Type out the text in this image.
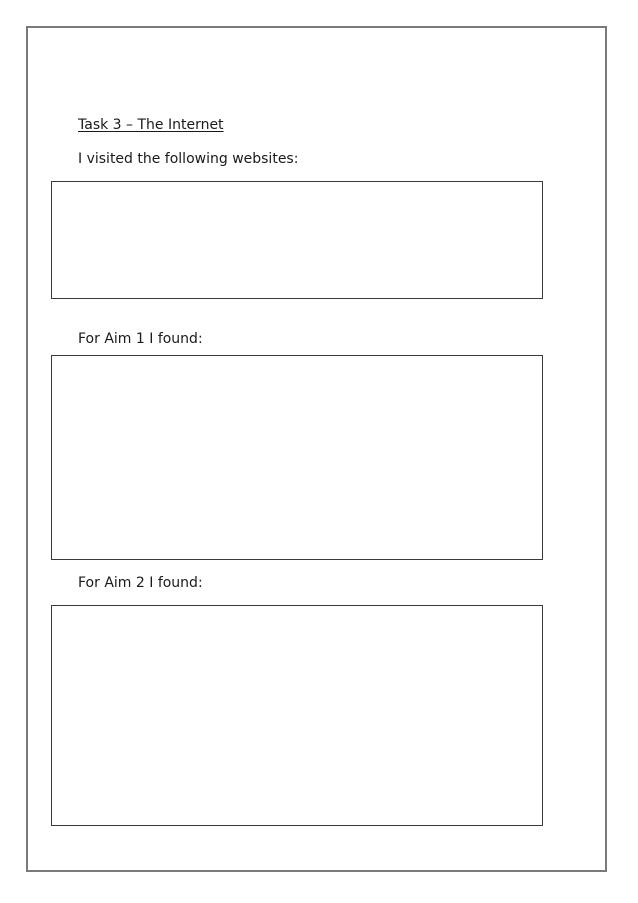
Task 3 – The Internet
I visited the following websites:
For Aim 1 I found:
For Aim 2 I found:
